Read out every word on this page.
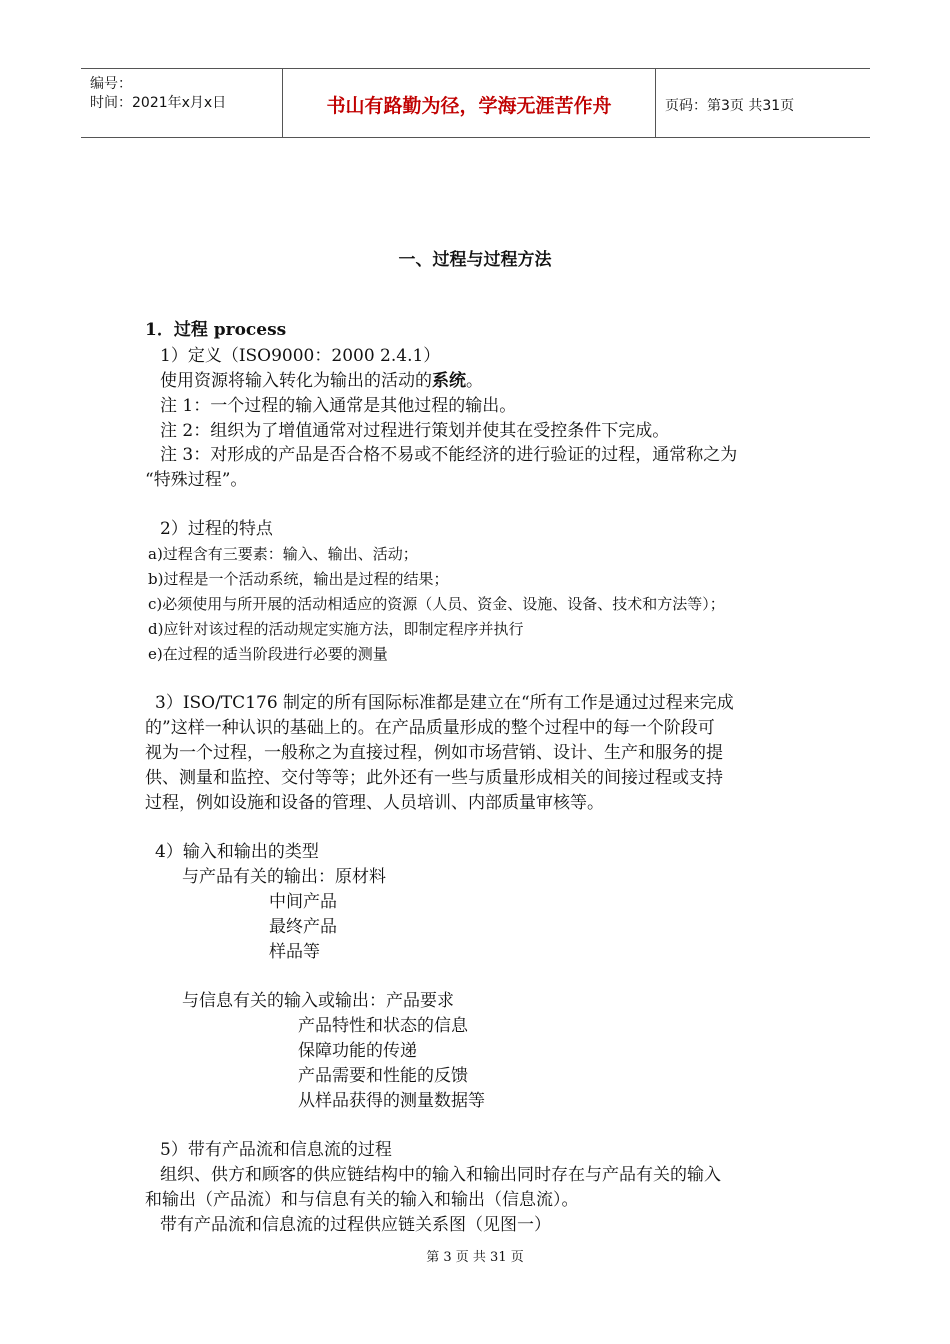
编号：
时间：2021年x月x日	书山有路勤为径，学海无涯苦作舟	页码：第3页 共31页
一、过程与过程方法
1．过程 process
1）定义（ISO9000：2000 2.4.1）
使用资源将输入转化为输出的活动的系统。
注 1：一个过程的输入通常是其他过程的输出。
注 2：组织为了增值通常对过程进行策划并使其在受控条件下完成。
注 3：对形成的产品是否合格不易或不能经济的进行验证的过程，通常称之为
“特殊过程”。
2）过程的特点
a)过程含有三要素：输入、输出、活动；
b)过程是一个活动系统，输出是过程的结果；
c)必须使用与所开展的活动相适应的资源（人员、资金、设施、设备、技术和方法等）；
d)应针对该过程的活动规定实施方法，即制定程序并执行
e)在过程的适当阶段进行必要的测量
3）ISO/TC176 制定的所有国际标准都是建立在“所有工作是通过过程来完成
的”这样一种认识的基础上的。在产品质量形成的整个过程中的每一个阶段可
视为一个过程，一般称之为直接过程，例如市场营销、设计、生产和服务的提
供、测量和监控、交付等等；此外还有一些与质量形成相关的间接过程或支持
过程，例如设施和设备的管理、人员培训、内部质量审核等。
4）输入和输出的类型
与产品有关的输出：原材料
中间产品
最终产品
样品等
与信息有关的输入或输出：产品要求
产品特性和状态的信息
保障功能的传递
产品需要和性能的反馈
从样品获得的测量数据等
5）带有产品流和信息流的过程
组织、供方和顾客的供应链结构中的输入和输出同时存在与产品有关的输入
和输出（产品流）和与信息有关的输入和输出（信息流）。
带有产品流和信息流的过程供应链关系图（见图一）
第 3 页 共 31 页
